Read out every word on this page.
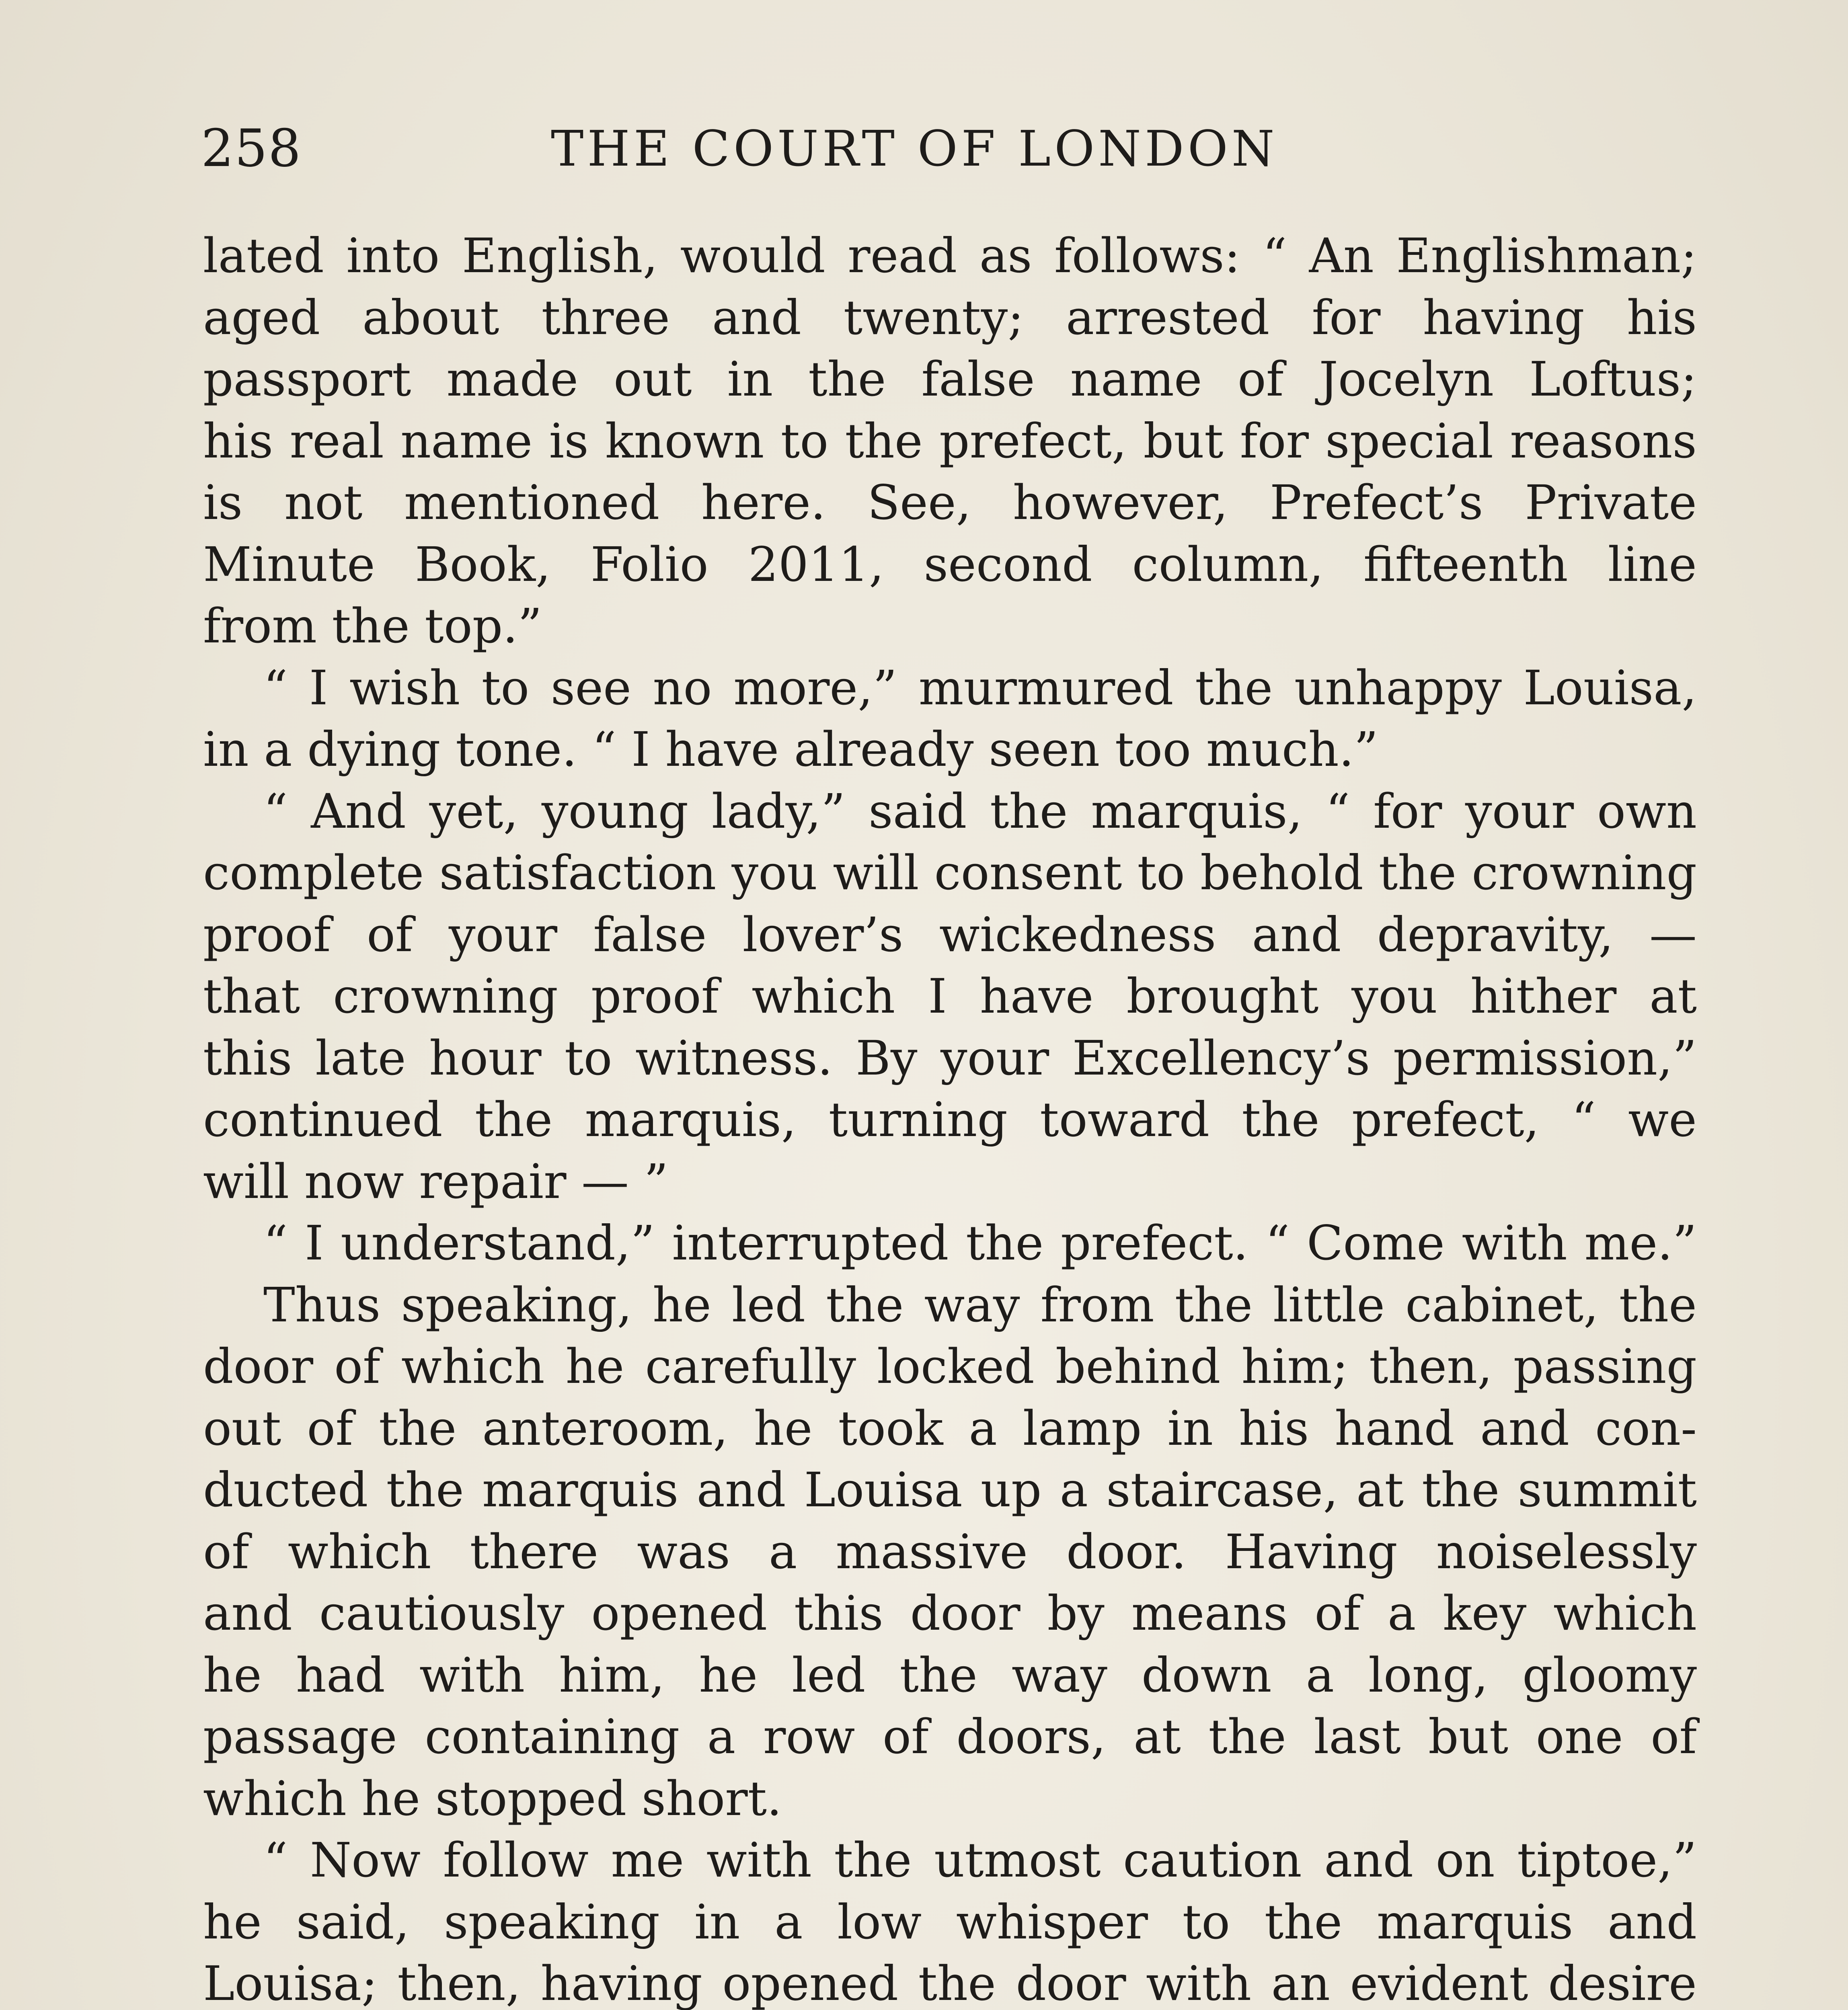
258	THE COURT OF LONDON
lated into English, would read as follows: “ An Englishman;
aged about three and twenty; arrested for having his
passport made out in the false name of Jocelyn Loftus;
his real name is known to the prefect, but for special reasons
is not mentioned here. See, however, Prefect’s Private
Minute Book, Folio 2011, second column, fifteenth line
from the top.”
“ I wish to see no more,” murmured the unhappy Louisa,
in a dying tone. “ I have already seen too much.”
“ And yet, young lady,” said the marquis, “ for your own
complete satisfaction you will consent to behold the crowning
proof of your false lover’s wickedness and depravity, —
that crowning proof which I have brought you hither at
this late hour to witness. By your Excellency’s permission,”
continued the marquis, turning toward the prefect, “ we
will now repair — ”
“ I understand,” interrupted the prefect. “ Come with me.”
Thus speaking, he led the way from the little cabinet, the
door of which he carefully locked behind him; then, passing
out of the anteroom, he took a lamp in his hand and con-
ducted the marquis and Louisa up a staircase, at the summit
of which there was a massive door. Having noiselessly
and cautiously opened this door by means of a key which
he had with him, he led the way down a long, gloomy
passage containing a row of doors, at the last but one of
which he stopped short.
“ Now follow me with the utmost caution and on tiptoe,”
he said, speaking in a low whisper to the marquis and
Louisa; then, having opened the door with an evident desire
